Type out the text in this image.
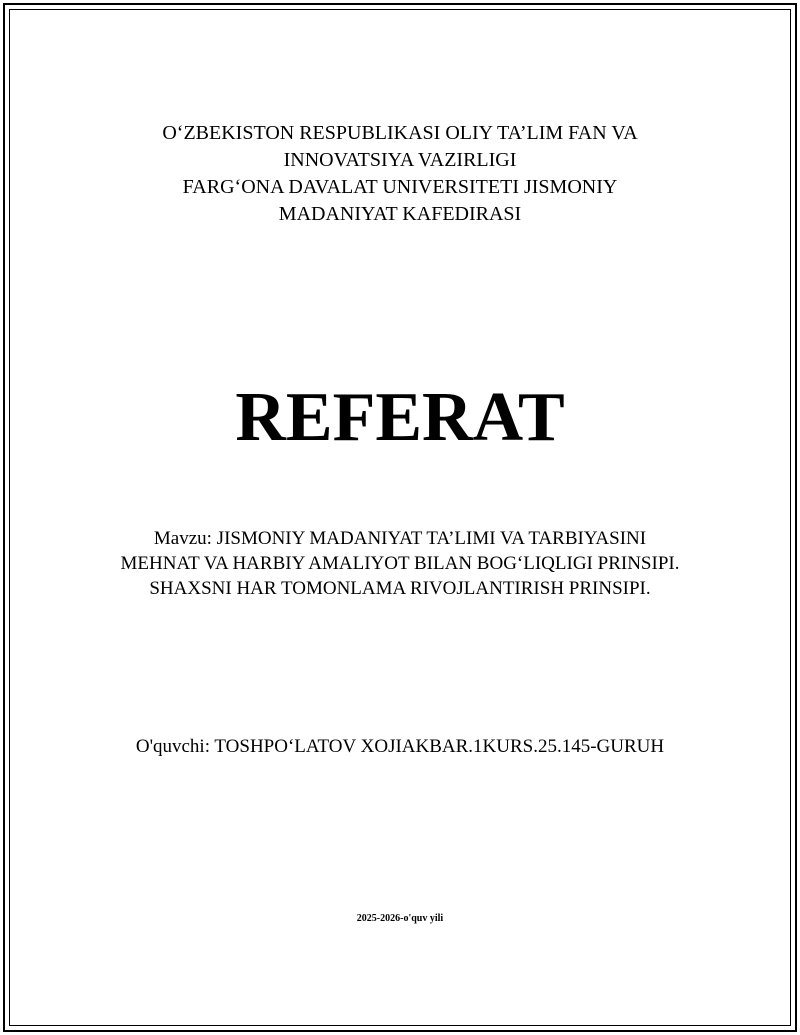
O‘ZBEKISTON RESPUBLIKASI OLIY TA’LIM FAN VA
INNOVATSIYA VAZIRLIGI
FARG‘ONA DAVALAT UNIVERSITETI JISMONIY
MADANIYAT KAFEDIRASI
REFERAT
Mavzu: JISMONIY MADANIYAT TA’LIMI VA TARBIYASINI
MEHNAT VA HARBIY AMALIYOT BILAN BOG‘LIQLIGI PRINSIPI.
SHAXSNI HAR TOMONLAMA RIVOJLANTIRISH PRINSIPI.
O'quvchi: TOSHPO‘LATOV XOJIAKBAR.1KURS.25.145-GURUH
2025-2026-o'quv yili
